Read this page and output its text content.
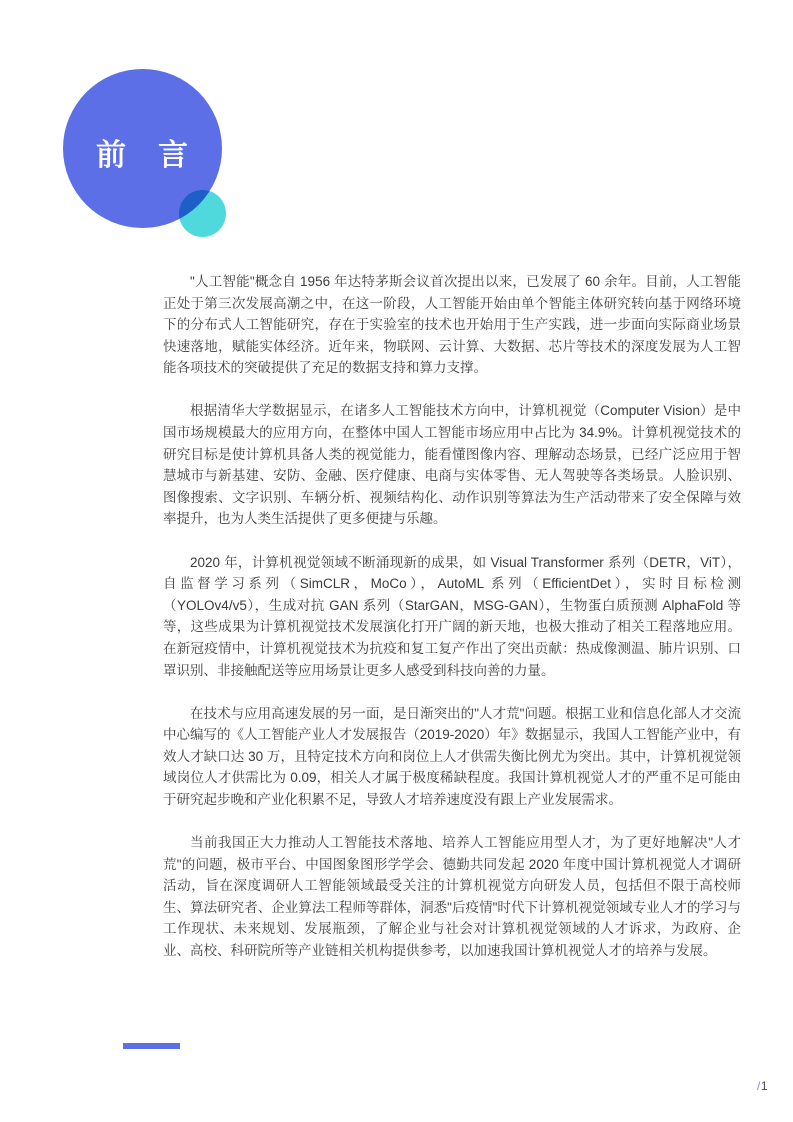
前　言

"人工智能"概念自 1956 年达特茅斯会议首次提出以来，已发展了 60 余年。目前，人工智能正处于第三次发展高潮之中，在这一阶段，人工智能开始由单个智能主体研究转向基于网络环境下的分布式人工智能研究，存在于实验室的技术也开始用于生产实践，进一步面向实际商业场景快速落地，赋能实体经济。近年来，物联网、云计算、大数据、芯片等技术的深度发展为人工智能各项技术的突破提供了充足的数据支持和算力支撑。

根据清华大学数据显示，在诸多人工智能技术方向中，计算机视觉（Computer Vision）是中国市场规模最大的应用方向，在整体中国人工智能市场应用中占比为 34.9%。计算机视觉技术的研究目标是使计算机具备人类的视觉能力，能看懂图像内容、理解动态场景，已经广泛应用于智慧城市与新基建、安防、金融、医疗健康、电商与实体零售、无人驾驶等各类场景。人脸识别、图像搜索、文字识别、车辆分析、视频结构化、动作识别等算法为生产活动带来了安全保障与效率提升，也为人类生活提供了更多便捷与乐趣。

2020 年，计算机视觉领域不断涌现新的成果，如 Visual Transformer 系列（DETR，ViT），自监督学习系列（SimCLR，MoCo），AutoML 系列（EfficientDet），实时目标检测（YOLOv4/v5），生成对抗 GAN 系列（StarGAN，MSG-GAN），生物蛋白质预测 AlphaFold 等等，这些成果为计算机视觉技术发展演化打开广阔的新天地，也极大推动了相关工程落地应用。在新冠疫情中，计算机视觉技术为抗疫和复工复产作出了突出贡献：热成像测温、肺片识别、口罩识别、非接触配送等应用场景让更多人感受到科技向善的力量。

在技术与应用高速发展的另一面，是日渐突出的"人才荒"问题。根据工业和信息化部人才交流中心编写的《人工智能产业人才发展报告（2019-2020）年》数据显示，我国人工智能产业中，有效人才缺口达 30 万，且特定技术方向和岗位上人才供需失衡比例尤为突出。其中，计算机视觉领域岗位人才供需比为 0.09，相关人才属于极度稀缺程度。我国计算机视觉人才的严重不足可能由于研究起步晚和产业化积累不足，导致人才培养速度没有跟上产业发展需求。

当前我国正大力推动人工智能技术落地、培养人工智能应用型人才，为了更好地解决"人才荒"的问题，极市平台、中国图象图形学学会、德勤共同发起 2020 年度中国计算机视觉人才调研活动，旨在深度调研人工智能领域最受关注的计算机视觉方向研发人员，包括但不限于高校师生、算法研究者、企业算法工程师等群体，洞悉"后疫情"时代下计算机视觉领域专业人才的学习与工作现状、未来规划、发展瓶颈，了解企业与社会对计算机视觉领域的人才诉求，为政府、企业、高校、科研院所等产业链相关机构提供参考，以加速我国计算机视觉人才的培养与发展。

/1
